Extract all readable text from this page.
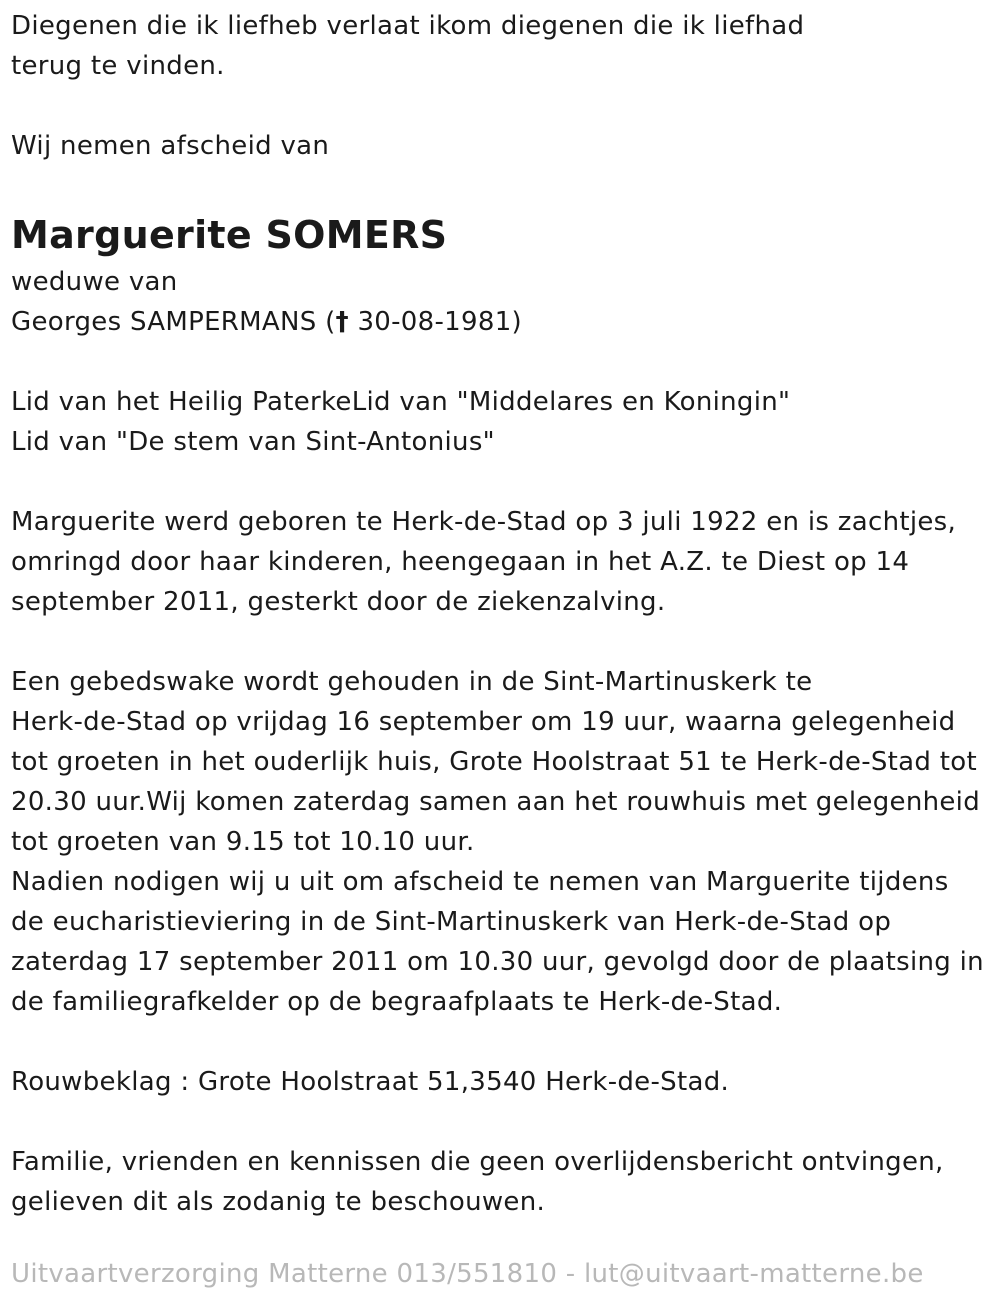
Diegenen die ik liefheb verlaat ikom diegenen die ik liefhad
terug te vinden.
Wij nemen afscheid van
Marguerite SOMERS
weduwe van
Georges SAMPERMANS († 30-08-1981)
Lid van het Heilig PaterkeLid van "Middelares en Koningin"
Lid van "De stem van Sint-Antonius"
Marguerite werd geboren te Herk-de-Stad op 3 juli 1922 en is zachtjes,
omringd door haar kinderen, heengegaan in het A.Z. te Diest op 14
september 2011, gesterkt door de ziekenzalving.
Een gebedswake wordt gehouden in de Sint-Martinuskerk te
Herk-de-Stad op vrijdag 16 september om 19 uur, waarna gelegenheid
tot groeten in het ouderlijk huis, Grote Hoolstraat 51 te Herk-de-Stad tot
20.30 uur.Wij komen zaterdag samen aan het rouwhuis met gelegenheid
tot groeten van 9.15 tot 10.10 uur.
Nadien nodigen wij u uit om afscheid te nemen van Marguerite tijdens
de eucharistieviering in de Sint-Martinuskerk van Herk-de-Stad op
zaterdag 17 september 2011 om 10.30 uur, gevolgd door de plaatsing in
de familiegrafkelder op de begraafplaats te Herk-de-Stad.
Rouwbeklag : Grote Hoolstraat 51,3540 Herk-de-Stad.
Familie, vrienden en kennissen die geen overlijdensbericht ontvingen,
gelieven dit als zodanig te beschouwen.
Uitvaartverzorging Matterne 013/551810 - lut@uitvaart-matterne.be
